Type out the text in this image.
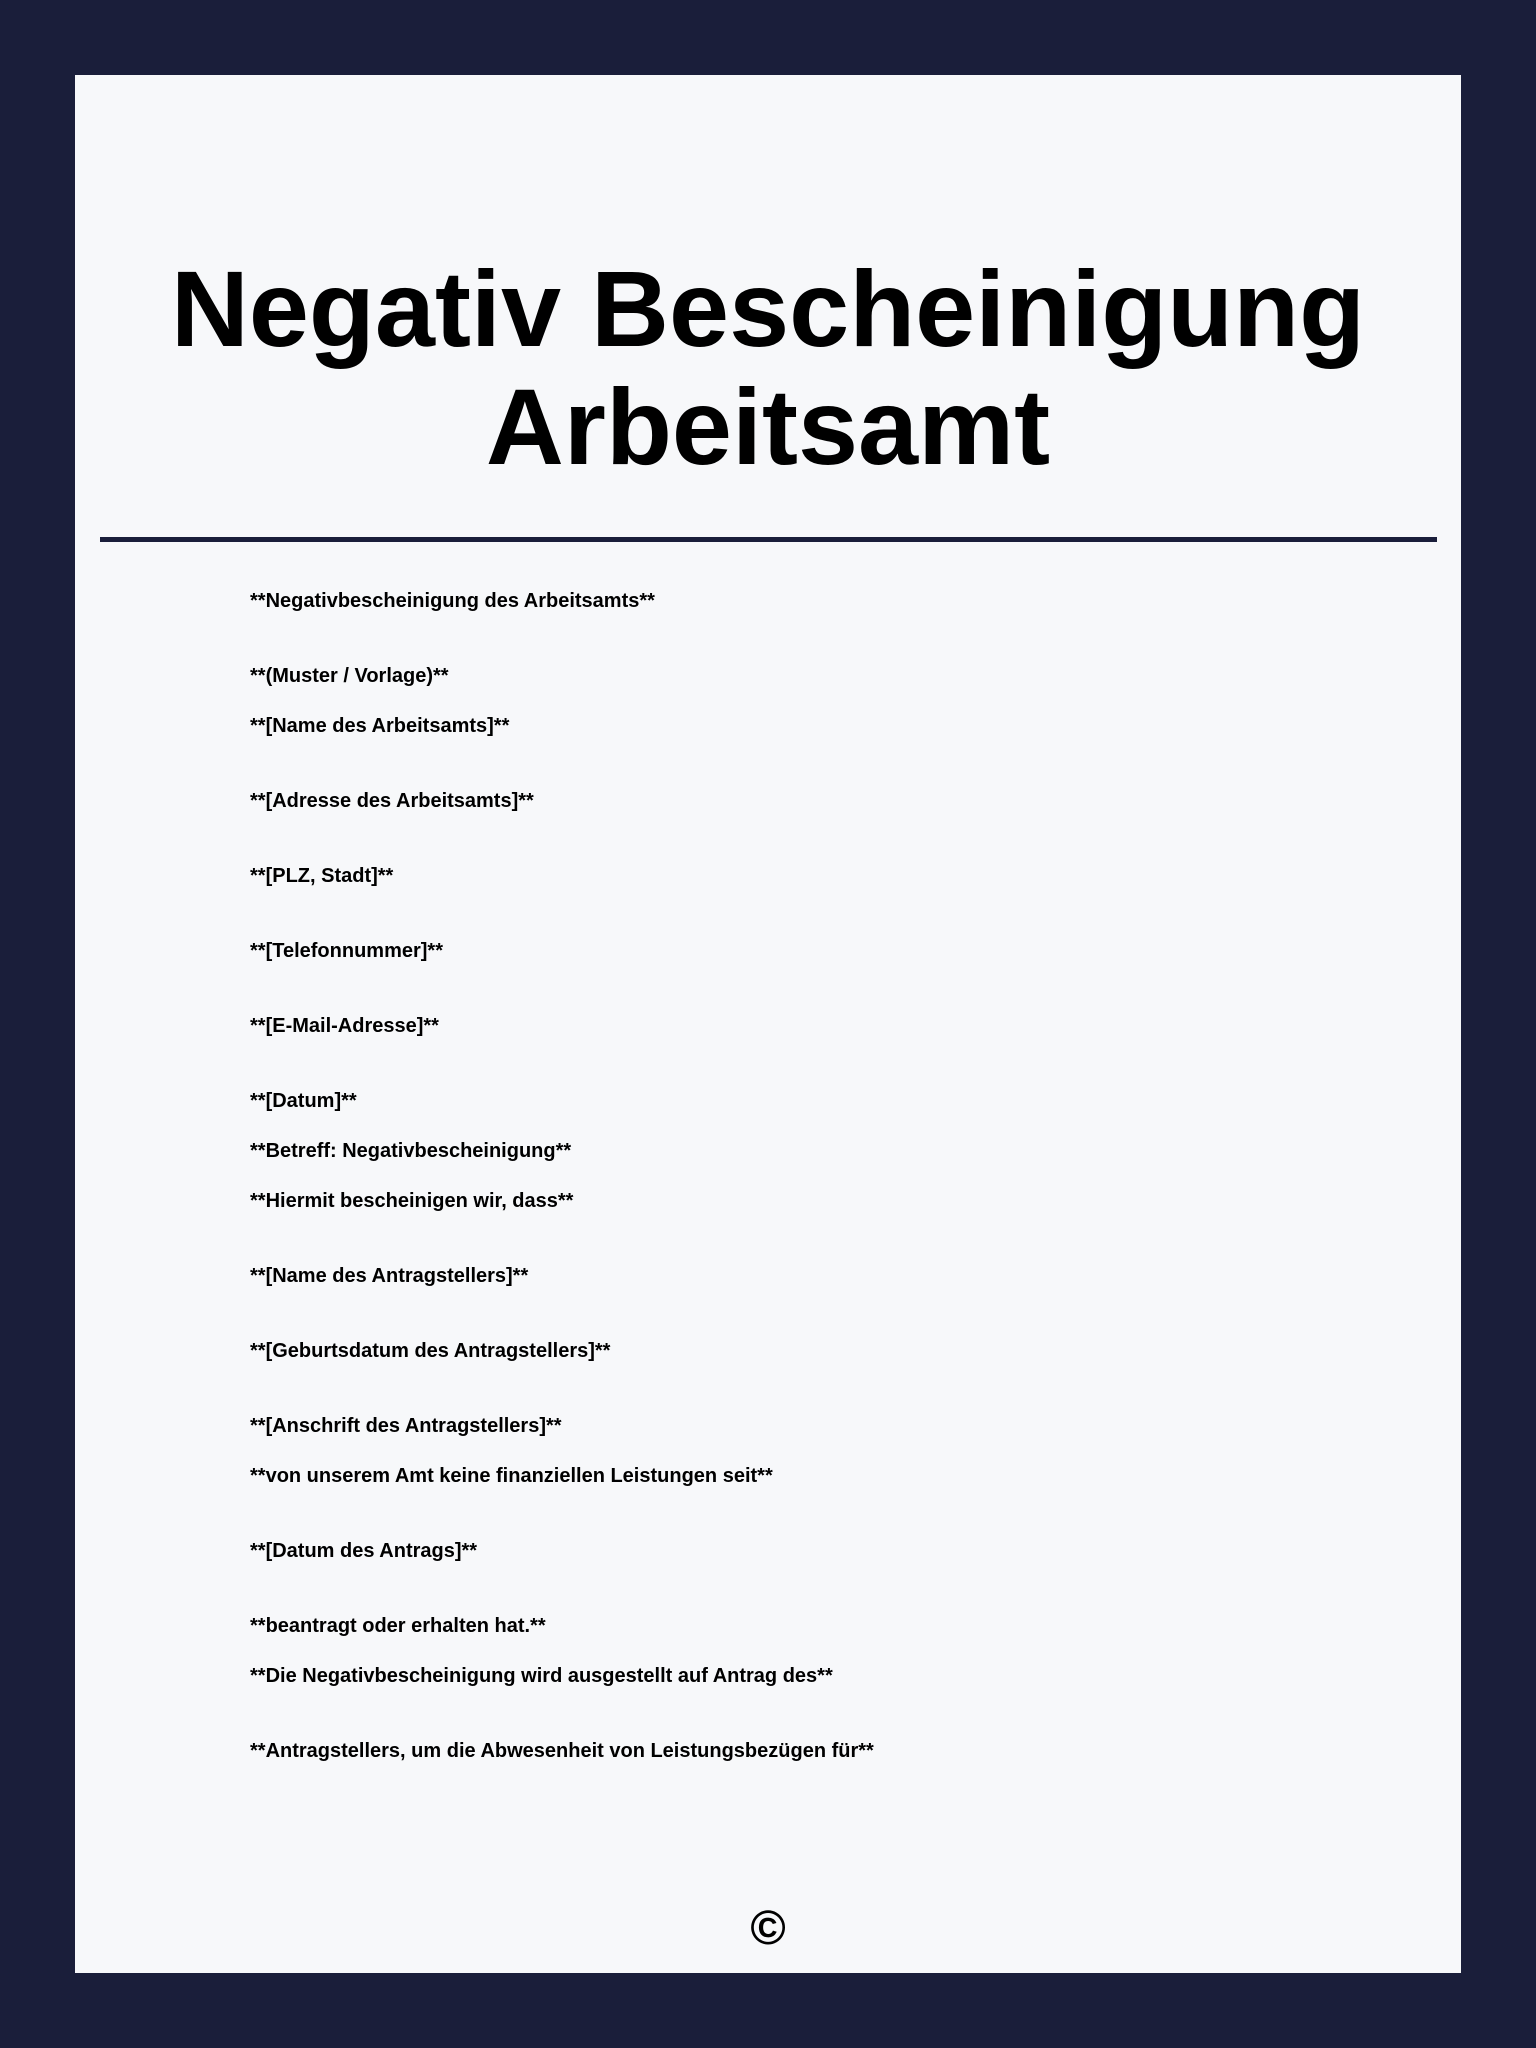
Negativ Bescheinigung
Arbeitsamt

**Negativbescheinigung des Arbeitsamts**

**(Muster / Vorlage)**

**[Name des Arbeitsamts]**

**[Adresse des Arbeitsamts]**

**[PLZ, Stadt]**

**[Telefonnummer]**

**[E-Mail-Adresse]**

**[Datum]**

**Betreff: Negativbescheinigung**

**Hiermit bescheinigen wir, dass**

**[Name des Antragstellers]**

**[Geburtsdatum des Antragstellers]**

**[Anschrift des Antragstellers]**

**von unserem Amt keine finanziellen Leistungen seit**

**[Datum des Antrags]**

**beantragt oder erhalten hat.**

**Die Negativbescheinigung wird ausgestellt auf Antrag des**

**Antragstellers, um die Abwesenheit von Leistungsbezügen für**

©
